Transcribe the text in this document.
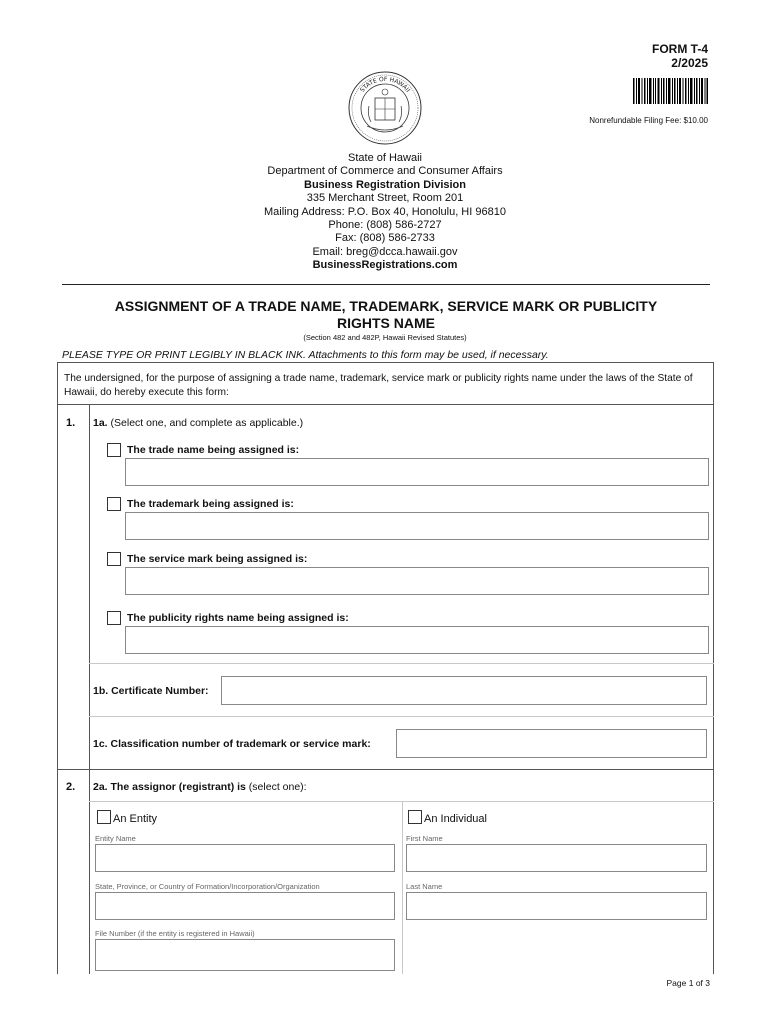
FORM T-4
2/2025
Nonrefundable Filing Fee: $10.00
STATE OF HAWAII
State of Hawaii
Department of Commerce and Consumer Affairs
Business Registration Division
335 Merchant Street, Room 201
Mailing Address: P.O. Box 40, Honolulu, HI 96810
Phone: (808) 586-2727
Fax: (808) 586-2733
Email: breg@dcca.hawaii.gov
BusinessRegistrations.com
ASSIGNMENT OF A TRADE NAME, TRADEMARK, SERVICE MARK OR PUBLICITY
RIGHTS NAME
(Section 482 and 482P, Hawaii Revised Statutes)
PLEASE TYPE OR PRINT LEGIBLY IN BLACK INK. Attachments to this form may be used, if necessary.
The undersigned, for the purpose of assigning a trade name, trademark, service mark or publicity rights name under the laws of the State of Hawaii, do hereby execute this form:
1. 1a. (Select one, and complete as applicable.)
The trade name being assigned is:
The trademark being assigned is:
The service mark being assigned is:
The publicity rights name being assigned is:
1b. Certificate Number:
1c. Classification number of trademark or service mark:
2. 2a. The assignor (registrant) is (select one):
An Entity	An Individual
Entity Name	First Name
State, Province, or Country of Formation/Incorporation/Organization	Last Name
File Number (if the entity is registered in Hawaii)
Page 1 of 3
